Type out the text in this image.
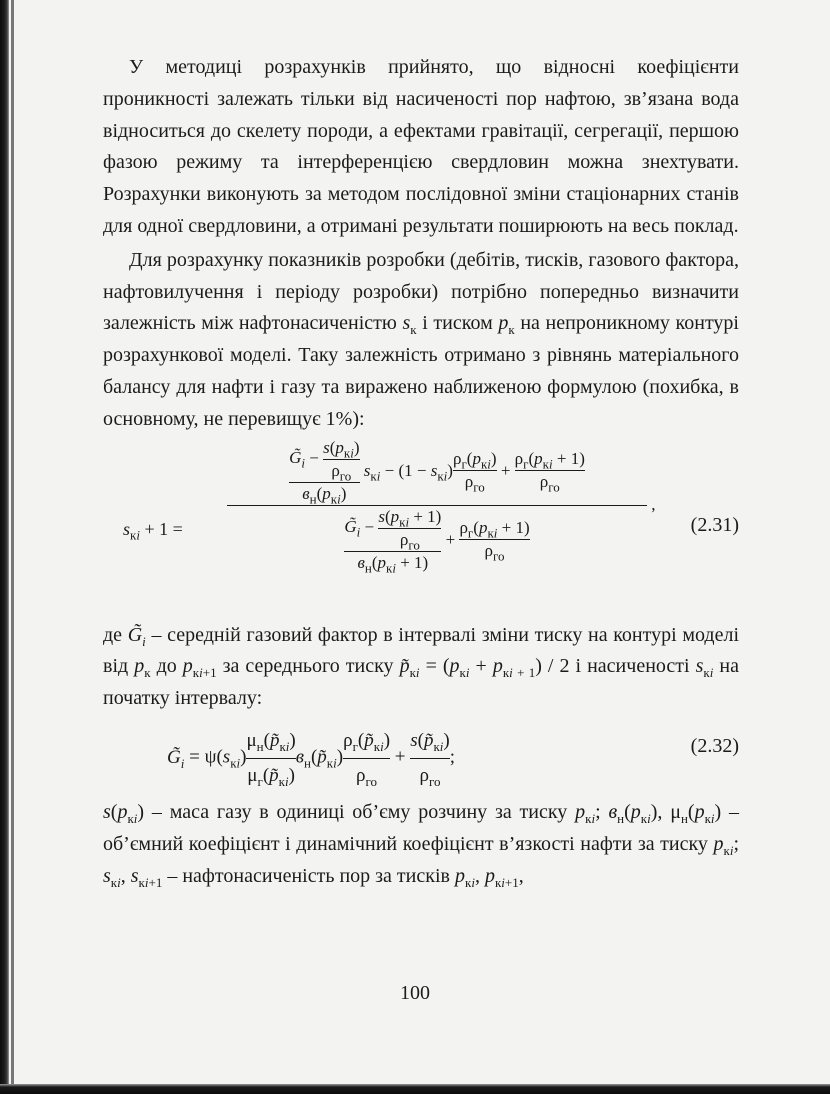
У методиці розрахунків прийнято, що відносні коефіцієнти проникності залежать тільки від насиченості пор нафтою, зв’язана вода відноситься до скелету породи, а ефектами гравітації, сегрегації, першою фазою режиму та інтерференцією свердловин можна знехтувати. Розрахунки виконують за методом послідовної зміни стаціонарних станів для одної свердловини, а отримані результати поширюють на весь поклад.

Для розрахунку показників розробки (дебітів, тисків, газового фактора, нафтовилучення і періоду розробки) потрібно попередньо визначити залежність між нафтонасиченістю $s_к$ і тиском $p_к$ на непроникному контурі розрахункової моделі. Таку залежність отримано з рівнянь матеріального балансу для нафти і газу та виражено наближеною формулою (похибка, в основному, не перевищує 1%):

$s_{кi} + 1$ =
$G̃_i$ −
$s(p_{кi})$
$\rho_{го}$
$в_н(p_{кi})$
$s_{кi} - (1 - s_{кi})$
$\rho_г(p_{кi})$
$\rho_{го}$
+
$\rho_г(p_{кi} + 1)$
$\rho_{го}$
$G̃_i$ −
$s(p_{кi} + 1)$
$\rho_{го}$
$в_н(p_{кi} + 1)$
+
$\rho_г(p_{кi} + 1)$
$\rho_{го}$
,
(2.31)

де $G̃_i$ – середній газовий фактор в інтервалі зміни тиску на контурі моделі від $p_к$ до $p_{кi+1}$ за середнього тиску $p̃_{кi} = (p_{кi} + p_{кi + 1}) / 2$ і насиченості $s_{кi}$ на початку інтервалу:

$G̃_i = \psi(s_{кi})$
$\mu_н(p̃_{кi})$
$\mu_г(p̃_{кi})$
$в_н(p̃_{кi})$
$\rho_г(p̃_{кi})$
$\rho_{го}$
+
$s(p̃_{кi})$
$\rho_{го}$
;
(2.32)

$s(p_{кi})$ – маса газу в одиниці об’єму розчину за тиску $p_{кi}$; $в_н(p_{кi})$, $\mu_н(p_{кi})$ – об’ємний коефіцієнт і динамічний коефіцієнт в’язкості нафти за тиску $p_{кi}$; $s_{кi}$, $s_{кi+1}$ – нафтонасиченість пор за тисків $p_{кi}$, $p_{кi+1}$,

100
